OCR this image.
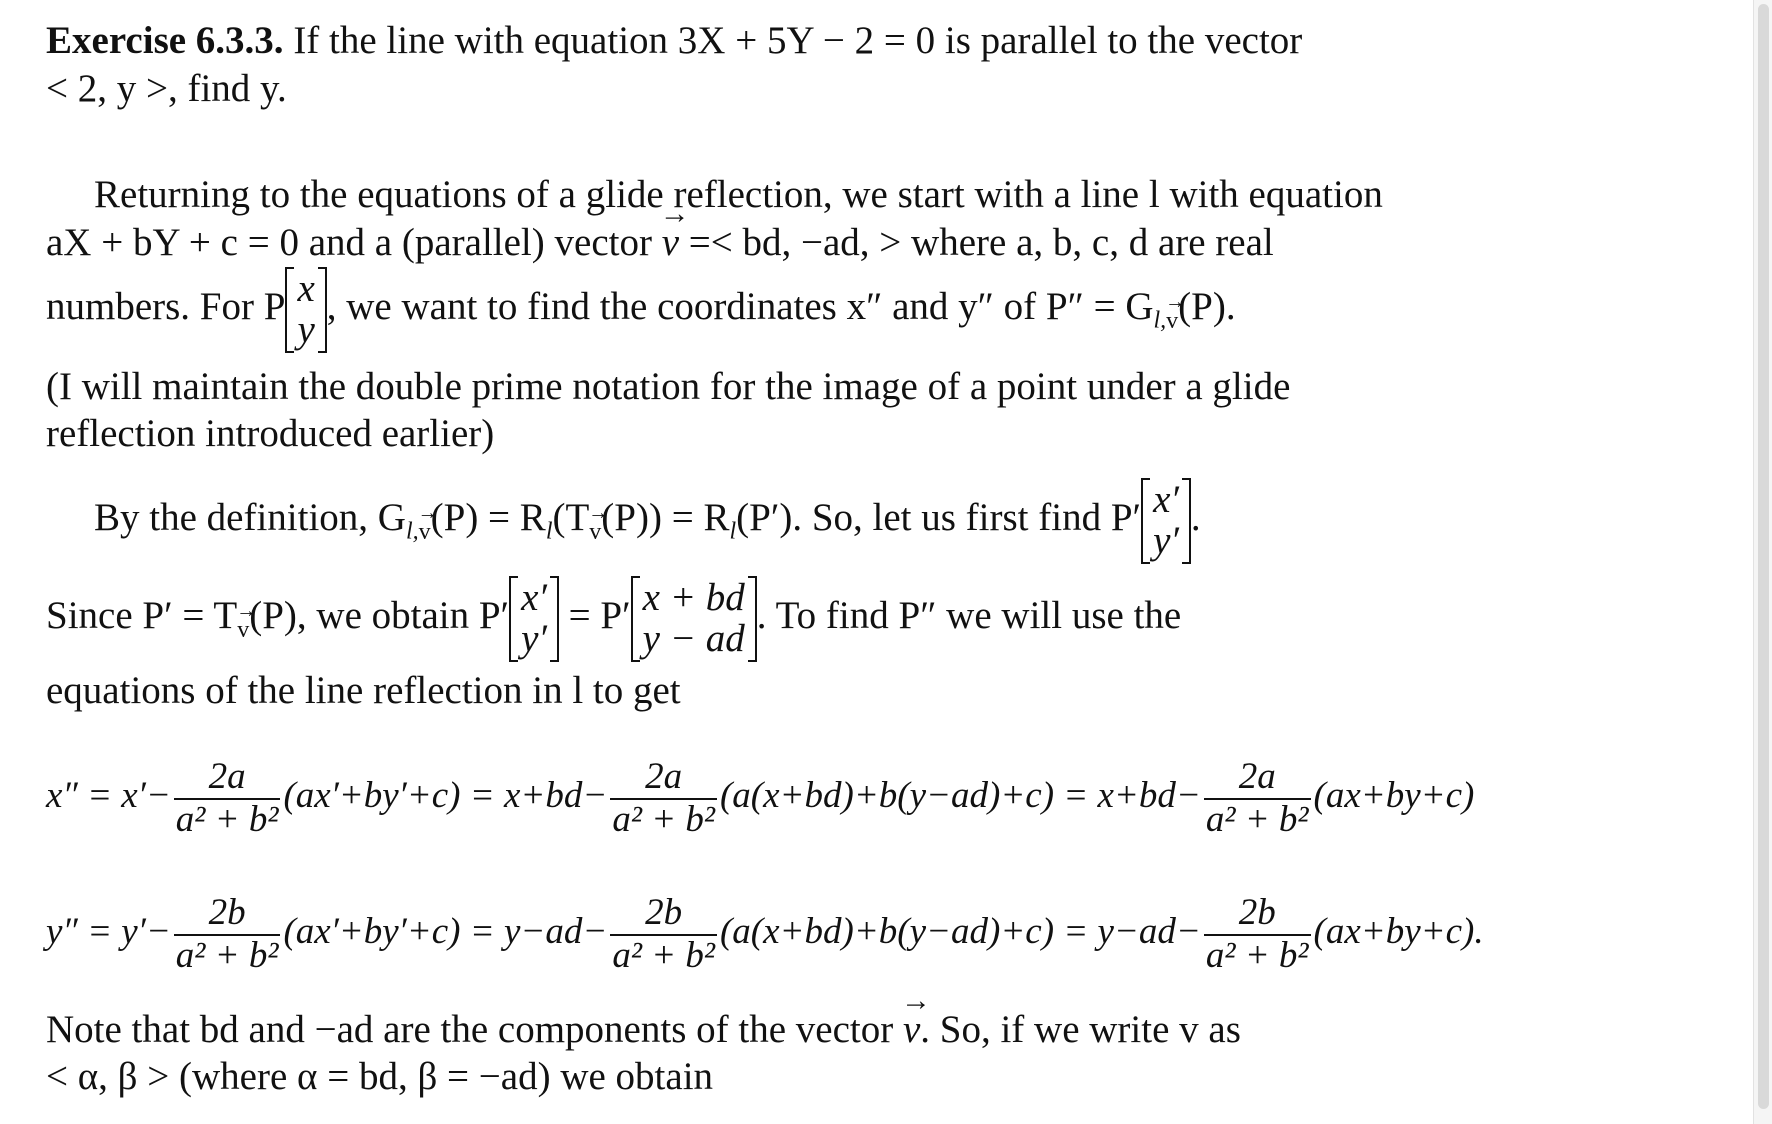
Exercise 6.3.3. If the line with equation 3X + 5Y − 2 = 0 is parallel to the vector
< 2, y >, find y.
Returning to the equations of a glide reflection, we start with a line l with equation
aX + bY + c = 0 and a (parallel) vector → v =< bd, −ad, > where a, b, c, d are real
numbers. For P x
y
, we want to find the coordinates x″ and y″ of $P'' = G_{l,}\to _v(P)$.
(I will maintain the double prime notation for the image of a point under a glide
reflection introduced earlier)
By the definition, $G_{l,}\to _v(P) = R_l(T\to _v(P)) = R_l(P')$. So, let us first find P′ x′
y′
.
Since P′ = T→ $_v$(P), we obtain P′ x′
y′
= P′ x + bd
y − ad
. To find P″ we will use the
equations of the line reflection in l to get
$x'' = x'- \frac{2a}{\text{a² + b²}} (ax'+by'+c) = x+bd- \frac{2a}{\text{a² + b²}} (a(x+bd)+b(y-ad)+c) = x+bd- \frac{2a}{\text{a² + b²}} (ax+by+c)$
$y'' = y'- \frac{2b}{\text{a² + b²}} (ax'+by'+c) = y-ad- \frac{2b}{\text{a² + b²}} (a(x+bd)+b(y-ad)+c) = y-ad- \frac{2b}{\text{a² + b²}} (ax+by+c)$.
Note that bd and −ad are the components of the vector → v. So, if we write v as
< α, β > (where α = bd, β = −ad) we obtain
